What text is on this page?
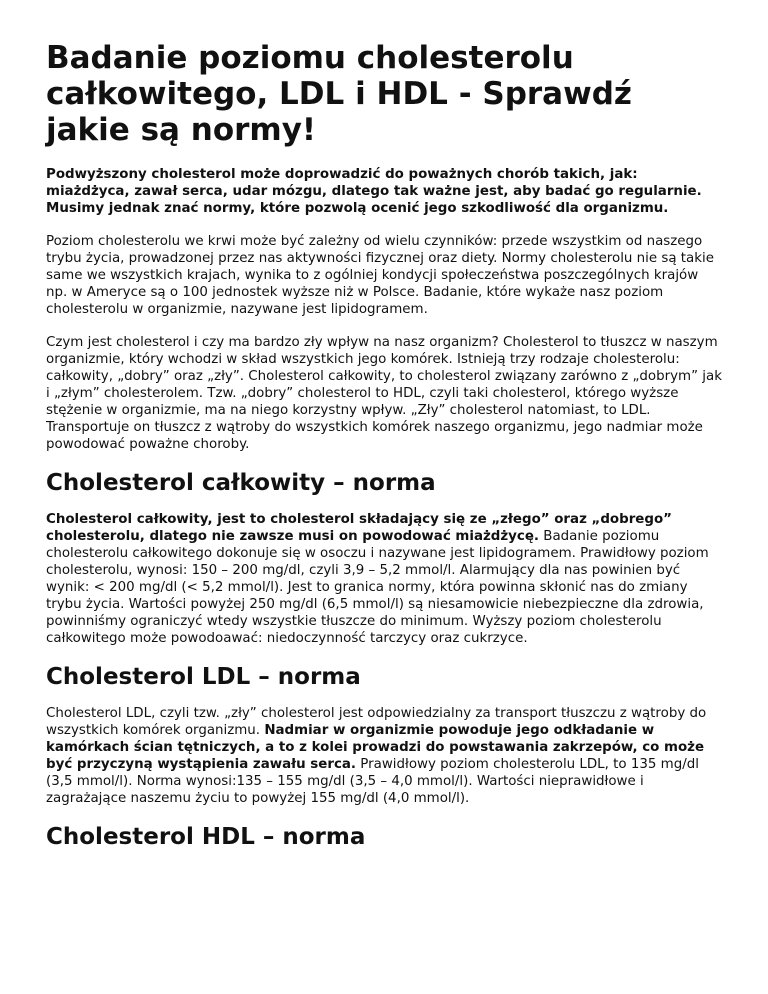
Badanie poziomu cholesterolu całkowitego, LDL i HDL - Sprawdź jakie są normy!

Podwyższony cholesterol może doprowadzić do poważnych chorób takich, jak: miażdżyca, zawał serca, udar mózgu, dlatego tak ważne jest, aby badać go regularnie. Musimy jednak znać normy, które pozwolą ocenić jego szkodliwość dla organizmu.

Poziom cholesterolu we krwi może być zależny od wielu czynników: przede wszystkim od naszego trybu życia, prowadzonej przez nas aktywności fizycznej oraz diety. Normy cholesterolu nie są takie same we wszystkich krajach, wynika to z ogólniej kondycji społeczeństwa poszczególnych krajów np. w Ameryce są o 100 jednostek wyższe niż w Polsce. Badanie, które wykaże nasz poziom cholesterolu w organizmie, nazywane jest lipidogramem.

Czym jest cholesterol i czy ma bardzo zły wpływ na nasz organizm? Cholesterol to tłuszcz w naszym organizmie, który wchodzi w skład wszystkich jego komórek. Istnieją trzy rodzaje cholesterolu: całkowity, „dobry” oraz „zły”. Cholesterol całkowity, to cholesterol związany zarówno z „dobrym” jak i „złym” cholesterolem. Tzw. „dobry” cholesterol to HDL, czyli taki cholesterol, którego wyższe stężenie w organizmie, ma na niego korzystny wpływ. „Zły” cholesterol natomiast, to LDL. Transportuje on tłuszcz z wątroby do wszystkich komórek naszego organizmu, jego nadmiar może powodować poważne choroby.

Cholesterol całkowity – norma

Cholesterol całkowity, jest to cholesterol składający się ze „złego” oraz „dobrego” cholesterolu, dlatego nie zawsze musi on powodować miażdżycę. Badanie poziomu cholesterolu całkowitego dokonuje się w osoczu i nazywane jest lipidogramem. Prawidłowy poziom cholesterolu, wynosi: 150 – 200 mg/dl, czyli 3,9 – 5,2 mmol/l. Alarmujący dla nas powinien być wynik: < 200 mg/dl (< 5,2 mmol/l). Jest to granica normy, która powinna skłonić nas do zmiany trybu życia. Wartości powyżej 250 mg/dl (6,5 mmol/l) są niesamowicie niebezpieczne dla zdrowia, powinniśmy ograniczyć wtedy wszystkie tłuszcze do minimum. Wyższy poziom cholesterolu całkowitego może powodoawać: niedoczynność tarczycy oraz cukrzyce.

Cholesterol LDL – norma

Cholesterol LDL, czyli tzw. „zły” cholesterol jest odpowiedzialny za transport tłuszczu z wątroby do wszystkich komórek organizmu. Nadmiar w organizmie powoduje jego odkładanie w kamórkach ścian tętniczych, a to z kolei prowadzi do powstawania zakrzepów, co może być przyczyną wystąpienia zawału serca. Prawidłowy poziom cholesterolu LDL, to 135 mg/dl (3,5 mmol/l). Norma wynosi:135 – 155 mg/dl (3,5 – 4,0 mmol/l). Wartości nieprawidłowe i zagrażające naszemu życiu to powyżej 155 mg/dl (4,0 mmol/l).

Cholesterol HDL – norma
